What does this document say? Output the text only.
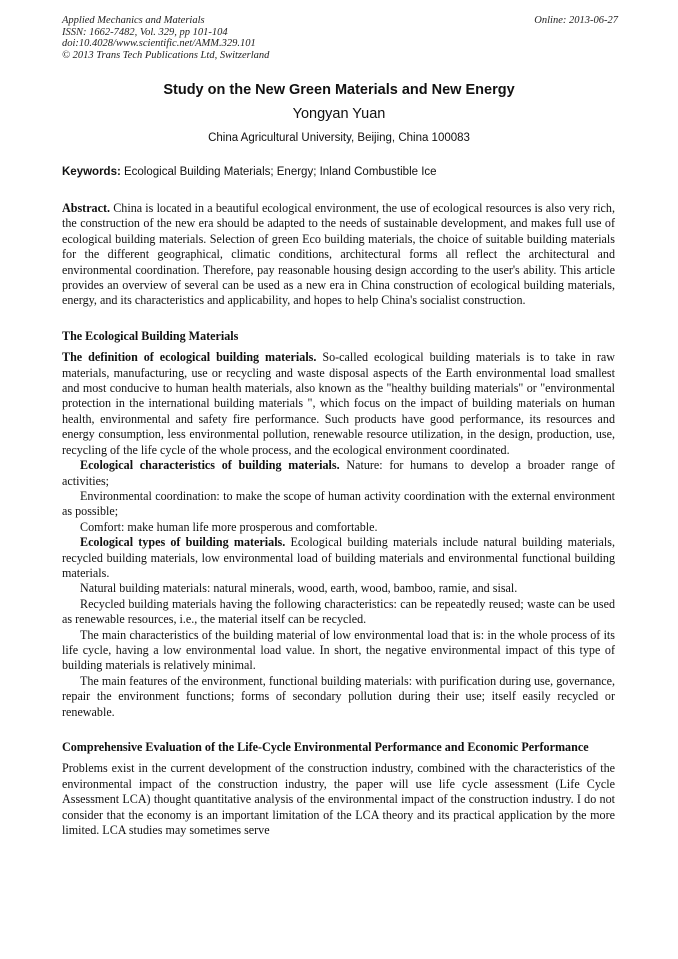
Applied Mechanics and Materials
ISSN: 1662-7482, Vol. 329, pp 101-104
doi:10.4028/www.scientific.net/AMM.329.101
© 2013 Trans Tech Publications Ltd, Switzerland
Online: 2013-06-27
Study on the New Green Materials and New Energy
Yongyan Yuan
China Agricultural University, Beijing, China 100083
Keywords: Ecological Building Materials; Energy; Inland Combustible Ice

Abstract. China is located in a beautiful ecological environment, the use of ecological resources is also very rich, the construction of the new era should be adapted to the needs of sustainable development, and makes full use of ecological building materials. Selection of green Eco building materials, the choice of suitable building materials for the different geographical, climatic conditions, architectural forms all reflect the architectural and environmental coordination. Therefore, pay reasonable housing design according to the user's ability. This article provides an overview of several can be used as a new era in China construction of ecological building materials, energy, and its characteristics and applicability, and hopes to help China's socialist construction.

The Ecological Building Materials

The definition of ecological building materials. So-called ecological building materials is to take in raw materials, manufacturing, use or recycling and waste disposal aspects of the Earth environmental load smallest and most conducive to human health materials, also known as the "healthy building materials" or "environmental protection in the international building materials ", which focus on the impact of building materials on human health, environmental and safety fire performance. Such products have good performance, its resources and energy consumption, less environmental pollution, renewable resource utilization, in the design, production, use, recycling of the life cycle of the whole process, and the ecological environment coordinated.

Ecological characteristics of building materials. Nature: for humans to develop a broader range of activities;

Environmental coordination: to make the scope of human activity coordination with the external environment as possible;

Comfort: make human life more prosperous and comfortable.

Ecological types of building materials. Ecological building materials include natural building materials, recycled building materials, low environmental load of building materials and environmental functional building materials.

Natural building materials: natural minerals, wood, earth, wood, bamboo, ramie, and sisal.

Recycled building materials having the following characteristics: can be repeatedly reused; waste can be used as renewable resources, i.e., the material itself can be recycled.

The main characteristics of the building material of low environmental load that is: in the whole process of its life cycle, having a low environmental load value. In short, the negative environmental impact of this type of building materials is relatively minimal.

The main features of the environment, functional building materials: with purification during use, governance, repair the environment functions; forms of secondary pollution during their use; itself easily recycled or renewable.

Comprehensive Evaluation of the Life-Cycle Environmental Performance and Economic Performance

Problems exist in the current development of the construction industry, combined with the characteristics of the environmental impact of the construction industry, the paper will use life cycle assessment (Life Cycle Assessment LCA) thought quantitative analysis of the environmental impact of the construction industry. I do not consider that the economy is an important limitation of the LCA theory and its practical application by the more limited. LCA studies may sometimes serve
